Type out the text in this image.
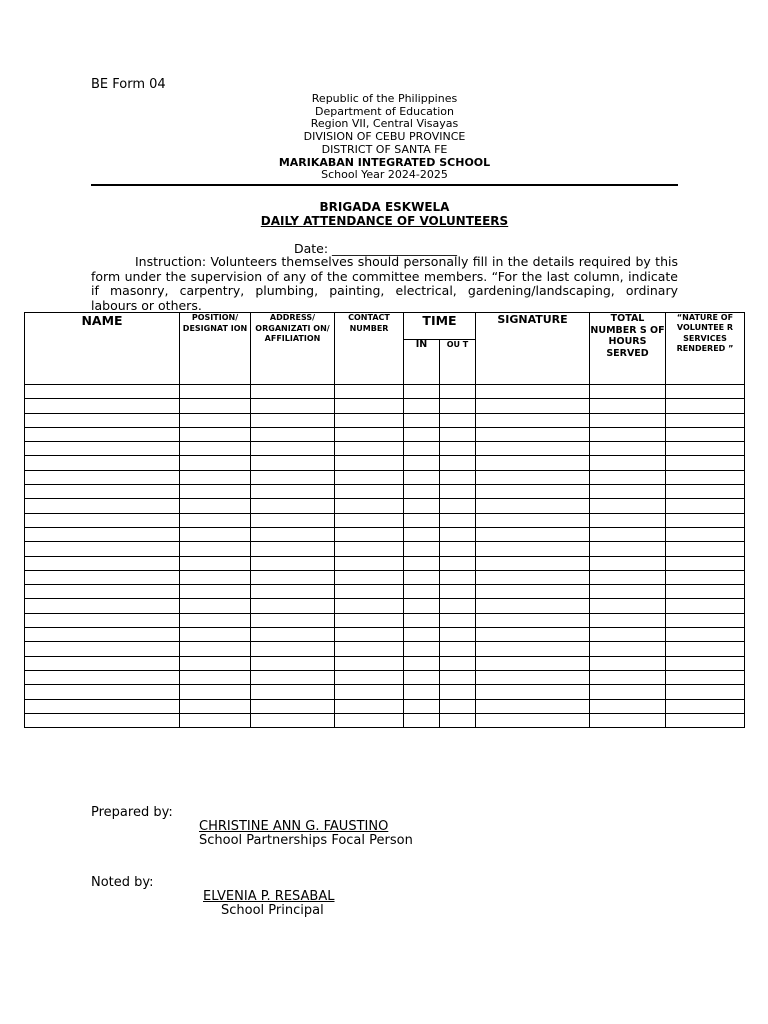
BE Form 04
Republic of the Philippines
Department of Education
Region VII, Central Visayas
DIVISION OF CEBU PROVINCE
DISTRICT OF SANTA FE
MARIKABAN INTEGRATED SCHOOL
School Year 2024-2025
BRIGADA ESKWELA
DAILY ATTENDANCE OF VOLUNTEERS
Date: ____________________
Instruction: Volunteers themselves should personally fill in the details required by this form under the supervision of any of the committee members. “For the last column, indicate if masonry, carpentry, plumbing, painting, electrical, gardening/landscaping, ordinary labours or others.
NAME	POSITION/ DESIGNAT ION	ADDRESS/ ORGANIZATI ON/ AFFILIATION	CONTACT NUMBER	TIME		SIGNATURE	TOTAL NUMBER S OF HOURS SERVED	“NATURE OF VOLUNTEE R SERVICES RENDERED ”
				IN	OU T			

Prepared by:
CHRISTINE ANN G. FAUSTINO
School Partnerships Focal Person
Noted by:
ELVENIA P. RESABAL
School Principal
